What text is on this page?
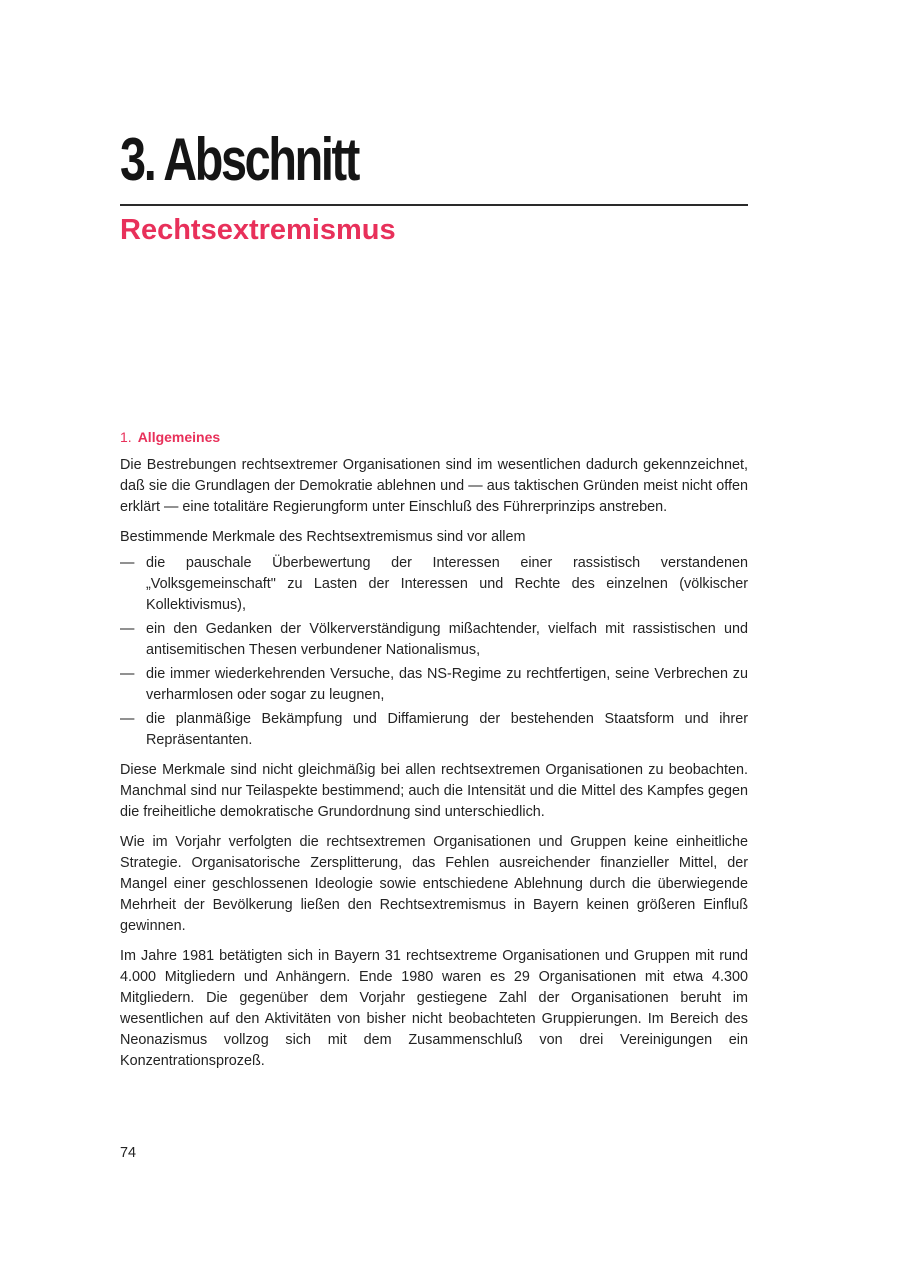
3. Abschnitt
Rechtsextremismus
1. Allgemeines

Die Bestrebungen rechtsextremer Organisationen sind im wesentlichen dadurch gekennzeichnet, daß sie die Grundlagen der Demokratie ablehnen und — aus taktischen Gründen meist nicht offen erklärt — eine totalitäre Regierungform unter Einschluß des Führerprinzips anstreben.

Bestimmende Merkmale des Rechtsextremismus sind vor allem

— die pauschale Überbewertung der Interessen einer rassistisch verstandenen „Volksgemeinschaft" zu Lasten der Interessen und Rechte des einzelnen (völkischer Kollektivismus),
— ein den Gedanken der Völkerverständigung mißachtender, vielfach mit rassistischen und antisemitischen Thesen verbundener Nationalismus,
— die immer wiederkehrenden Versuche, das NS-Regime zu rechtfertigen, seine Verbrechen zu verharmlosen oder sogar zu leugnen,
— die planmäßige Bekämpfung und Diffamierung der bestehenden Staatsform und ihrer Repräsentanten.

Diese Merkmale sind nicht gleichmäßig bei allen rechtsextremen Organisationen zu beobachten. Manchmal sind nur Teilaspekte bestimmend; auch die Intensität und die Mittel des Kampfes gegen die freiheitliche demokratische Grundordnung sind unterschiedlich.

Wie im Vorjahr verfolgten die rechtsextremen Organisationen und Gruppen keine einheitliche Strategie. Organisatorische Zersplitterung, das Fehlen ausreichender finanzieller Mittel, der Mangel einer geschlossenen Ideologie sowie entschiedene Ablehnung durch die überwiegende Mehrheit der Bevölkerung ließen den Rechtsextremismus in Bayern keinen größeren Einfluß gewinnen.

Im Jahre 1981 betätigten sich in Bayern 31 rechtsextreme Organisationen und Gruppen mit rund 4.000 Mitgliedern und Anhängern. Ende 1980 waren es 29 Organisationen mit etwa 4.300 Mitgliedern. Die gegenüber dem Vorjahr gestiegene Zahl der Organisationen beruht im wesentlichen auf den Aktivitäten von bisher nicht beobachteten Gruppierungen. Im Bereich des Neonazismus vollzog sich mit dem Zusammenschluß von drei Vereinigungen ein Konzentrationsprozeß.

74
